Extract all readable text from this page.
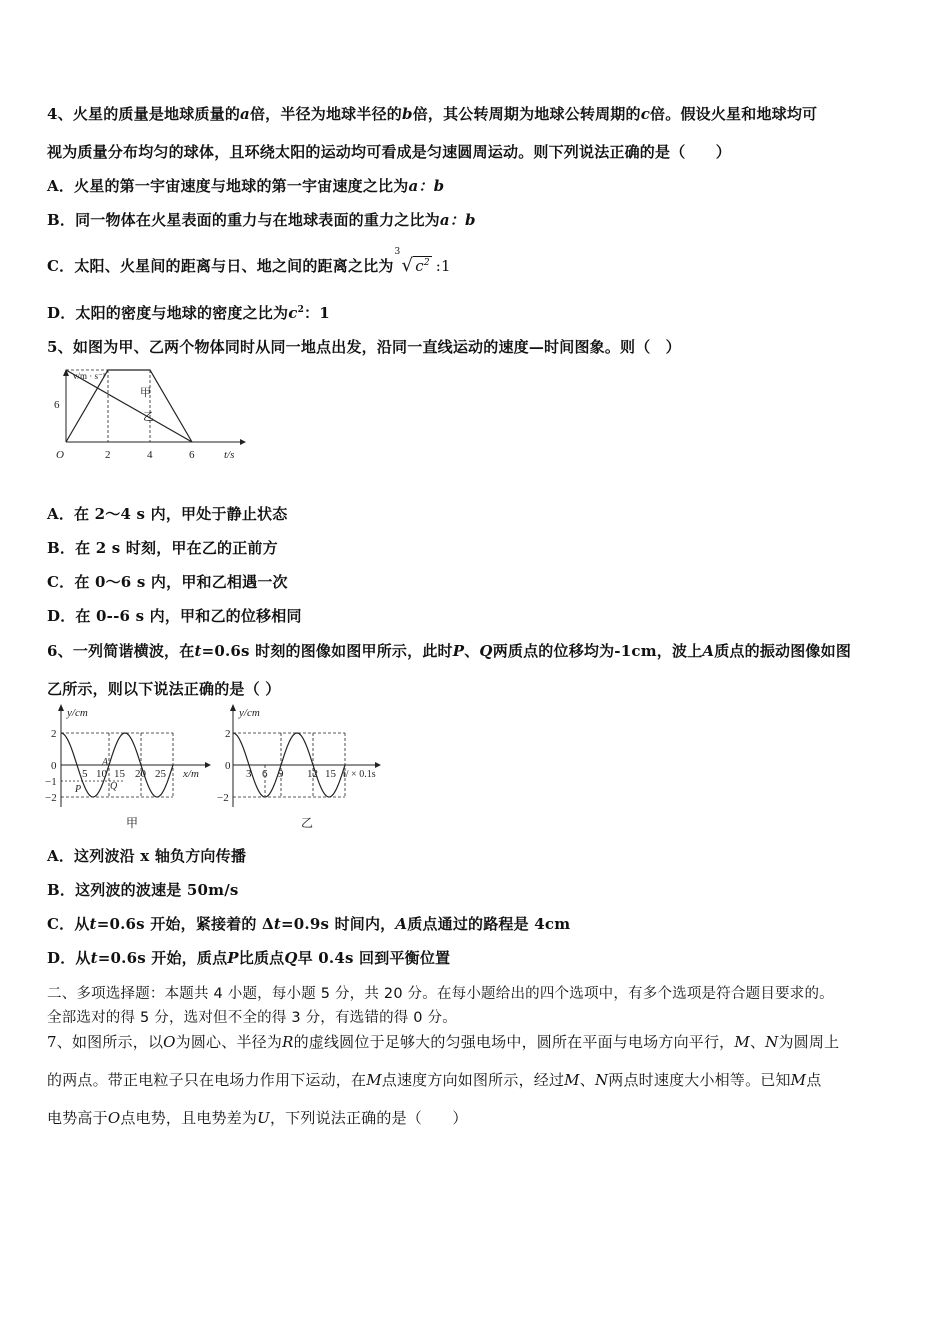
4、火星的质量是地球质量的a倍，半径为地球半径的b倍，其公转周期为地球公转周期的c倍。假设火星和地球均可
视为质量分布均匀的球体，且环绕太阳的运动均可看成是匀速圆周运动。则下列说法正确的是（　　）
A．火星的第一宇宙速度与地球的第一宇宙速度之比为a：b
B．同一物体在火星表面的重力与在地球表面的重力之比为a：b
C．太阳、火星间的距离与日、地之间的距离之比为
3
√ $c^2$ :1
D．太阳的密度与地球的密度之比为$c^2$：1
5、如图为甲、乙两个物体同时从同一地点出发，沿同一直线运动的速度—时间图象。则（　）
v/m · s⁻¹
t/s
O
6
2	4	6
甲
乙
A．在 2～4 s 内，甲处于静止状态
B．在 2 s 时刻，甲在乙的正前方
C．在 0～6 s 内，甲和乙相遇一次
D．在 0--6 s 内，甲和乙的位移相同
6、一列简谐横波，在t=0.6s 时刻的图像如图甲所示，此时P、Q两质点的位移均为-1cm，波上A质点的振动图像如图
乙所示，则以下说法正确的是（ ）
y/cm
x/m
2
0
−1
−2
5 10 15 20 25
A
P	Q
甲
y/cm
t/ × 0.1s
2
0
−2
3 6 9 12 15
乙
A．这列波沿 x 轴负方向传播
B．这列波的波速是 50m/s
C．从t=0.6s 开始，紧接着的 Δt=0.9s 时间内，A质点通过的路程是 4cm
D．从t=0.6s 开始，质点P比质点Q早 0.4s 回到平衡位置
二、多项选择题：本题共 4 小题，每小题 5 分，共 20 分。在每小题给出的四个选项中，有多个选项是符合题目要求的。
全部选对的得 5 分，选对但不全的得 3 分，有选错的得 0 分。
7、如图所示，以O为圆心、半径为R的虚线圆位于足够大的匀强电场中，圆所在平面与电场方向平行，M、N为圆周上
的两点。带正电粒子只在电场力作用下运动，在M点速度方向如图所示，经过M、N两点时速度大小相等。已知M点
电势高于O点电势，且电势差为U，下列说法正确的是（　　）
